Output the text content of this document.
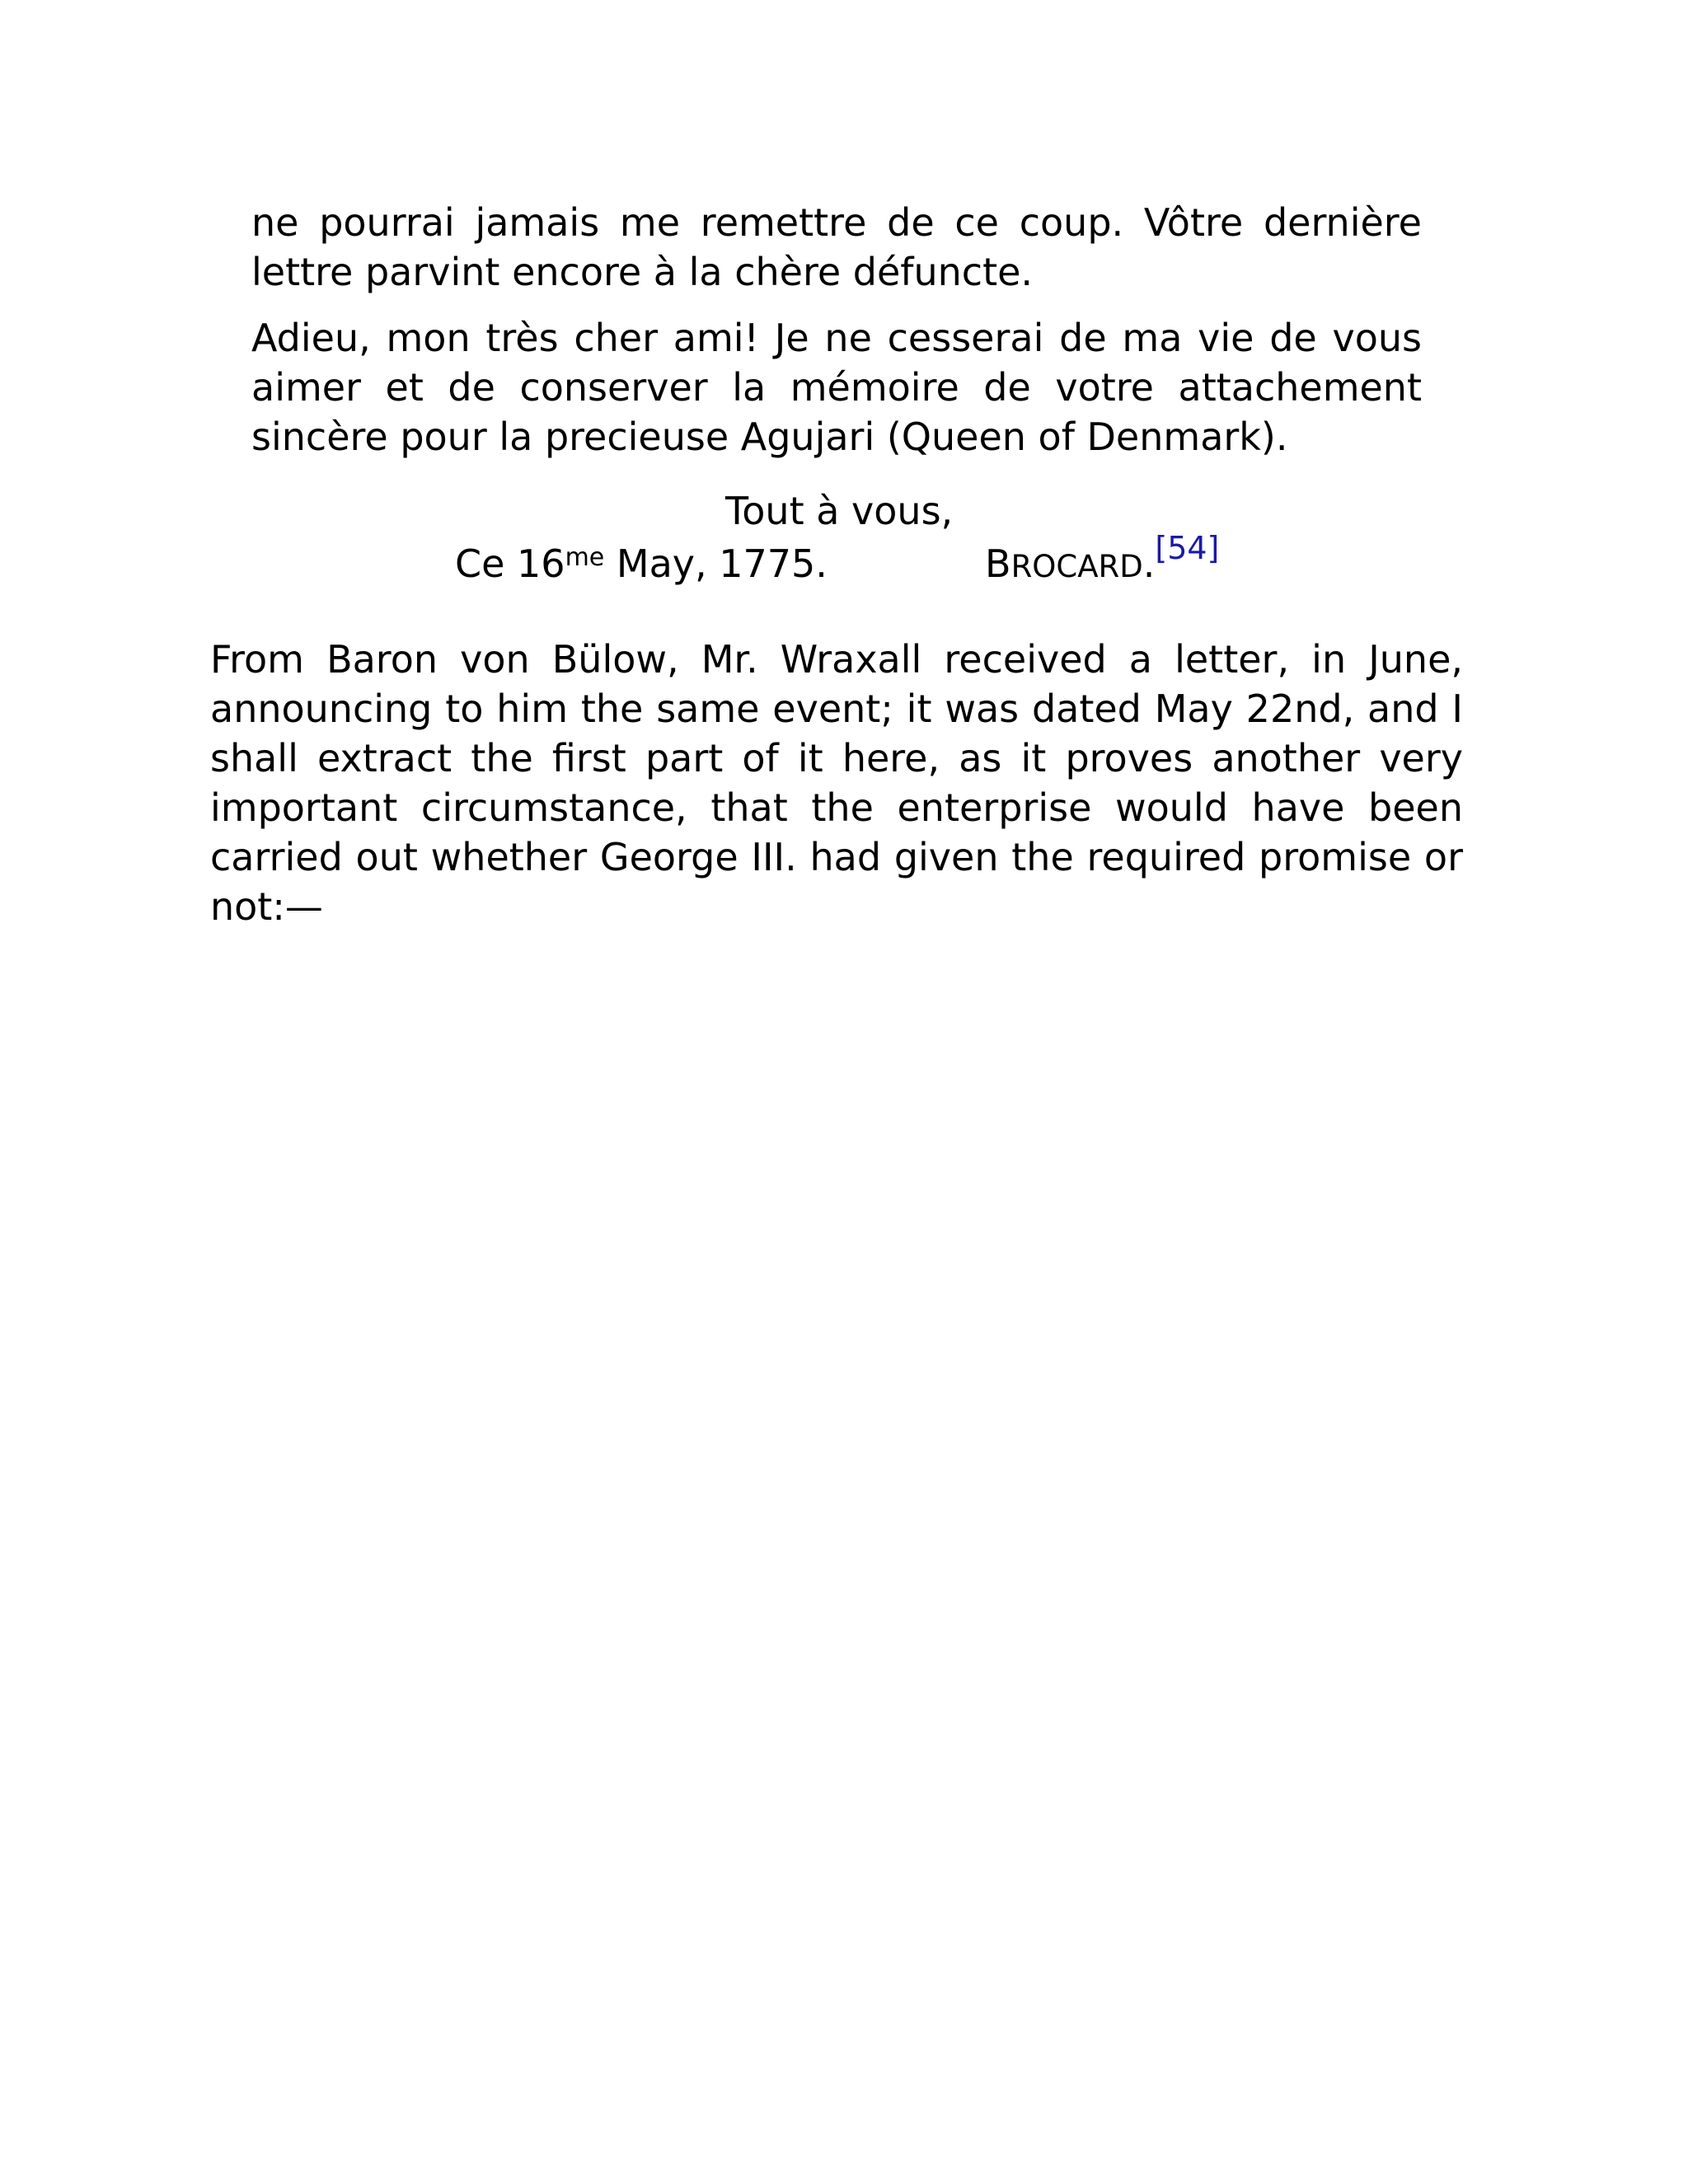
ne pourrai jamais me remettre de ce coup. Vôtre dernière lettre parvint encore à la chère défuncte.

Adieu, mon très cher ami! Je ne cesserai de ma vie de vous aimer et de conserver la mémoire de votre attachement sincère pour la precieuse Agujari (Queen of Denmark).

Tout à vous,
Ce $16^{me}$ May, 1775.	BROCARD.[54]

From Baron von Bülow, Mr. Wraxall received a letter, in June, announcing to him the same event; it was dated May 22nd, and I shall extract the first part of it here, as it proves another very important circumstance, that the enterprise would have been carried out whether George III. had given the required promise or not:—
